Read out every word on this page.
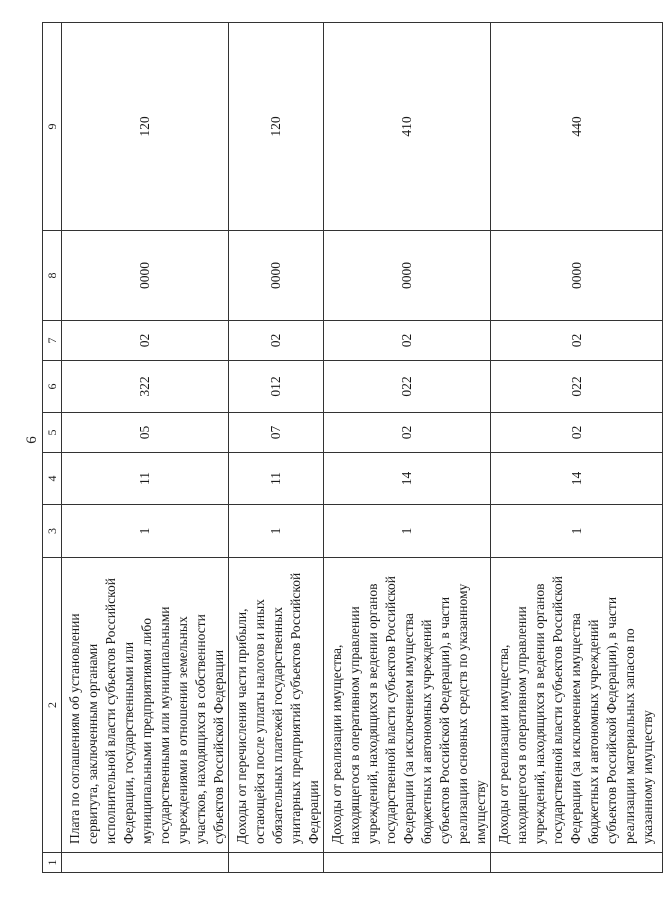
6
1	2	3	4	5	6	7	8	9
	Плата по соглашениям об установлении сервитута, заключенным органами исполнительной власти субъектов Российской Федерации, государственными или муниципальными предприятиями либо государственными или муниципальными учреждениями в отношении земельных участков, находящихся в собственности субъектов Российской Федерации	1	11	05	322	02	0000	120
	Доходы от перечисления части прибыли, остающейся после уплаты налогов и иных обязательных платежей государственных унитарных предприятий субъектов Российской Федерации	1	11	07	012	02	0000	120
	Доходы от реализации имущества, находящегося в оперативном управлении учреждений, находящихся в ведении органов государственной власти субъектов Российской Федерации (за исключением имущества бюджетных и автономных учреждений субъектов Российской Федерации), в части реализации основных средств по указанному имуществу	1	14	02	022	02	0000	410
	Доходы от реализации имущества, находящегося в оперативном управлении учреждений, находящихся в ведении органов государственной власти субъектов Российской Федерации (за исключением имущества бюджетных и автономных учреждений субъектов Российской Федерации), в части реализации материальных запасов по указанному имуществу	1	14	02	022	02	0000	440
